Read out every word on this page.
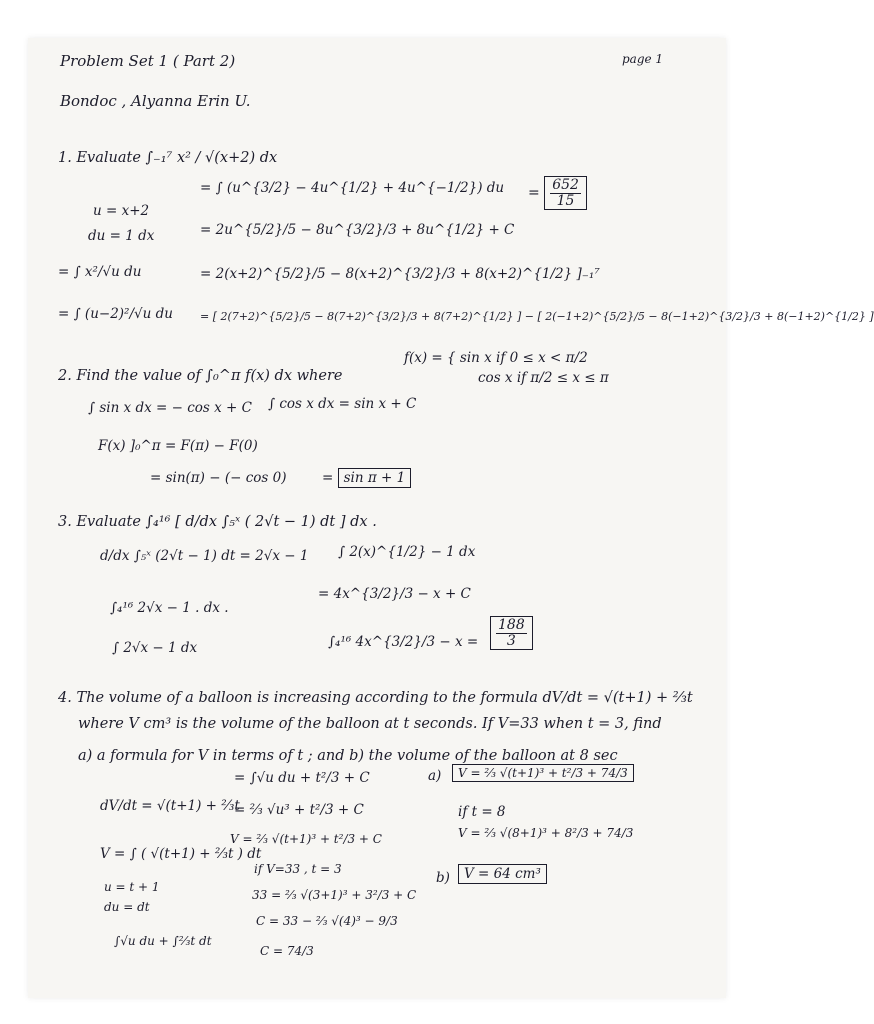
Problem Set 1 ( Part 2)	page 1
Bondoc , Alyanna Erin U.
1. Evaluate ∫₋₁⁷ x² / √(x+2) dx
= ∫ (u^{3/2} − 4u^{1/2} + 4u^{−1/2}) du
u = x+2
= 2u^{5/2}/5 − 8u^{3/2}/3 + 8u^{1/2} + C
du = 1 dx
= $\frac{652}{15}$
= ∫ x²/√u du	= 2(x+2)^{5/2}/5 − 8(x+2)^{3/2}/3 + 8(x+2)^{1/2} ]₋₁⁷
= ∫ (u−2)²/√u du = [ 2(7+2)^{5/2}/5 − 8(7+2)^{3/2}/3 + 8(7+2)^{1/2} ] − [ 2(−1+2)^{5/2}/5 − 8(−1+2)^{3/2}/3 + 8(−1+2)^{1/2} ]
2. Find the value of ∫₀^π f(x) dx where
f(x) = { sin x if 0 ≤ x < π/2
cos x if π/2 ≤ x ≤ π
∫ sin x dx = − cos x + C ∫ cos x dx = sin x + C
F(x) ]₀^π = F(π) − F(0)
= sin(π) − (− cos 0)	= sin π + 1
3. Evaluate ∫₄¹⁶ [ d/dx ∫₅ˣ ( 2√t − 1) dt ] dx .
d/dx ∫₅ˣ (2√t − 1) dt = 2√x − 1 ∫ 2(x)^{1/2} − 1 dx
= 4x^{3/2}/3 − x + C
∫₄¹⁶ 2√x − 1 . dx .
∫ 2√x − 1 dx	∫₄¹⁶ 4x^{3/2}/3 − $x = \frac{188}{3}$
4. The volume of a balloon is increasing according to the formula dV/dt = √(t+1) + ⅔t
where V cm³ is the volume of the balloon at t seconds. If V=33 when t = 3, find
a) a formula for V in terms of t ; and b) the volume of the balloon at 8 sec
= ∫√u du + t²/3 + C	a)	V = ⅔ √(t+1)³ + t²/3 + 74/3
dV/dt = √(t+1) + ⅔t
= ⅔ √u³ + t²/3 + C	if t = 8
V = ⅔ √(8+1)³ + 8²/3 + 74/3
V = ∫ ( √(t+1) + ⅔t ) dt
V = ⅔ √(t+1)³ + t²/3 + C
if V=33 , t = 3
b)	V = 64 cm³
u = t + 1
33 = ⅔ √(3+1)³ + 3²/3 + C
du = dt
C = 33 − ⅔ √(4)³ − 9/3
∫√u du + ∫⅔t dt
C = 74/3
